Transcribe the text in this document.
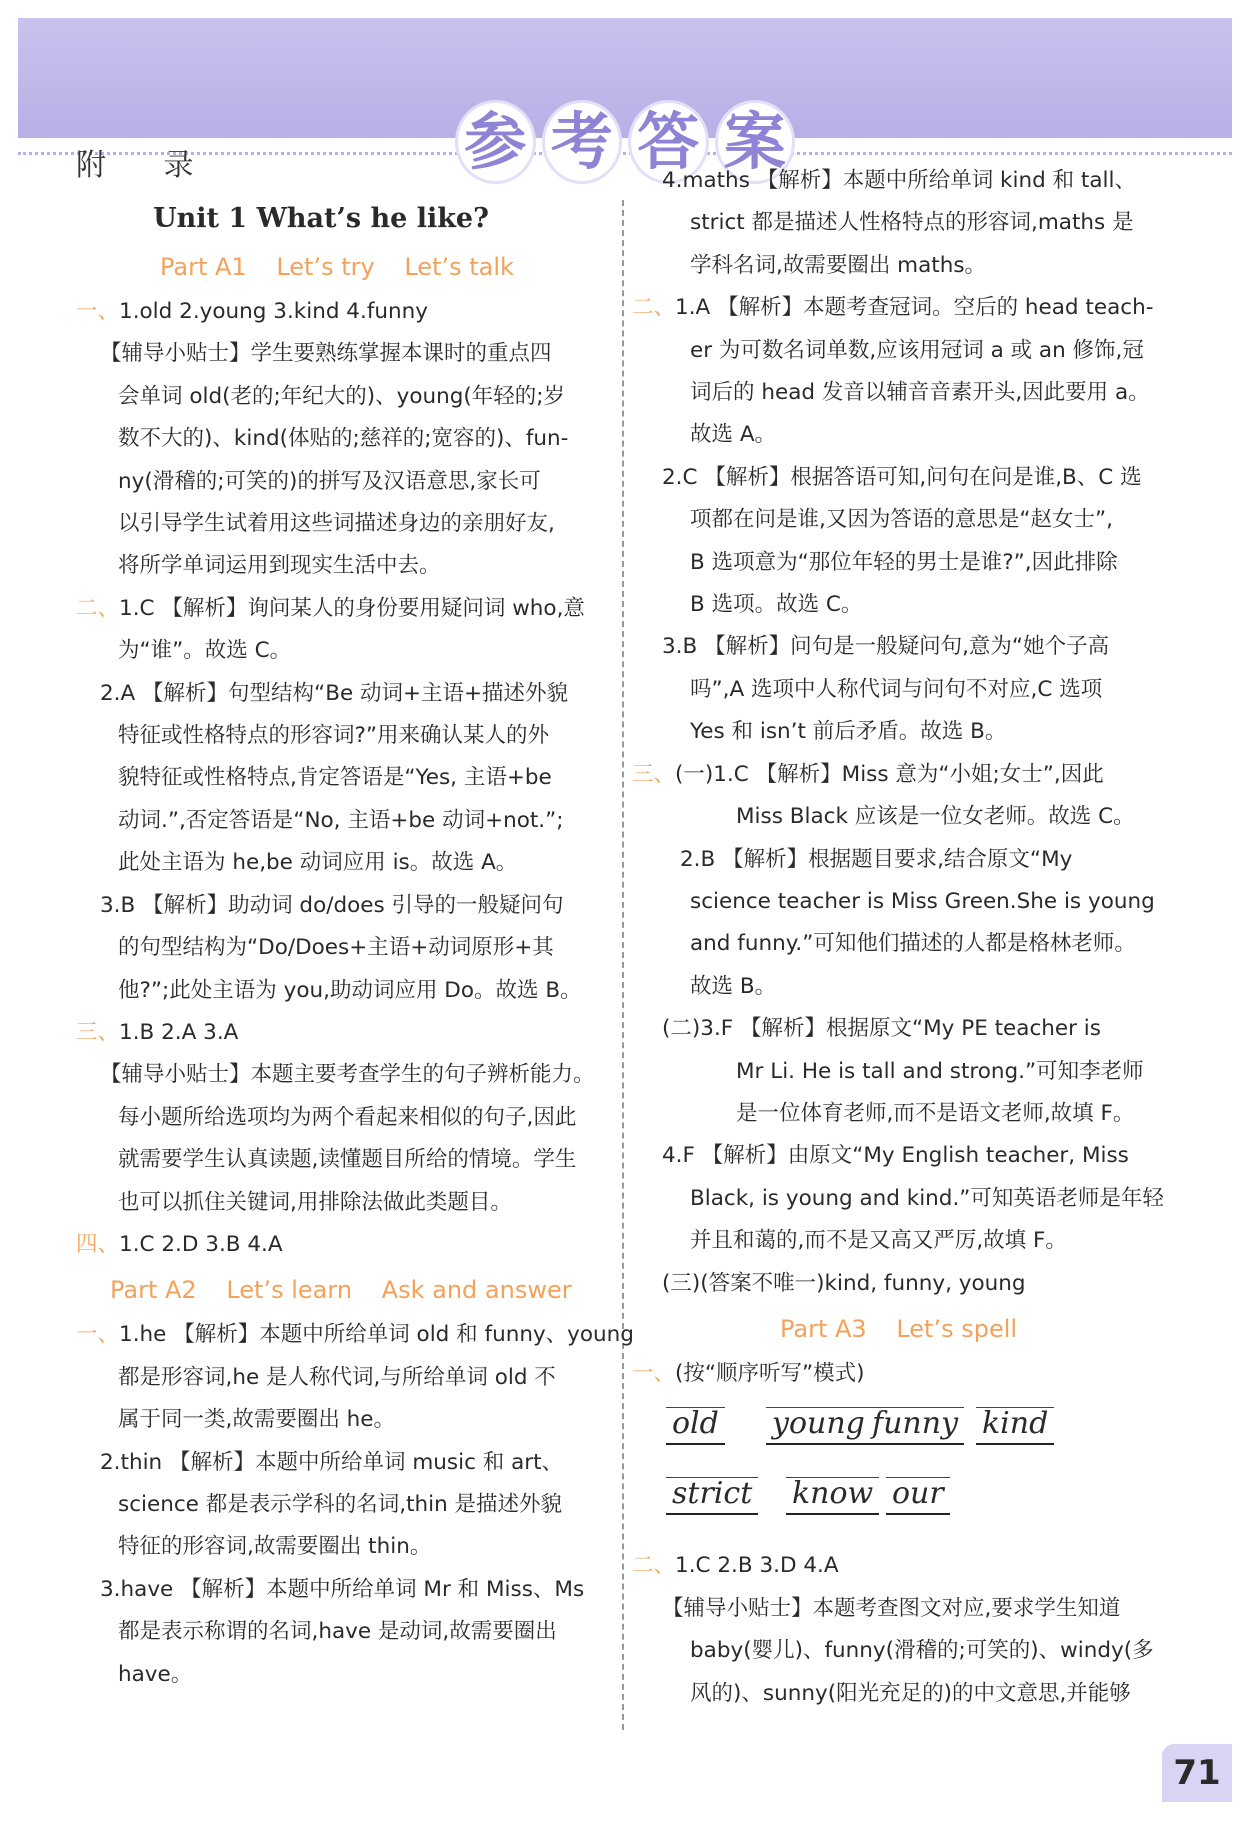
参 考 答 案
附 录
Unit 1 What’s he like?
Part A1 Let’s try Let’s talk
一、1.old 2.young 3.kind 4.funny
【辅导小贴士】学生要熟练掌握本课时的重点四
会单词 old(老的;年纪大的)、young(年轻的;岁
数不大的)、kind(体贴的;慈祥的;宽容的)、fun-
ny(滑稽的;可笑的)的拼写及汉语意思,家长可
以引导学生试着用这些词描述身边的亲朋好友,
将所学单词运用到现实生活中去。
二、1.C 【解析】询问某人的身份要用疑问词 who,意
为“谁”。故选 C。
2.A 【解析】句型结构“Be 动词+主语+描述外貌
特征或性格特点的形容词?”用来确认某人的外
貌特征或性格特点,肯定答语是“Yes, 主语+be
动词.”,否定答语是“No, 主语+be 动词+not.”;
此处主语为 he,be 动词应用 is。故选 A。
3.B 【解析】助动词 do/does 引导的一般疑问句
的句型结构为“Do/Does+主语+动词原形+其
他?”;此处主语为 you,助动词应用 Do。故选 B。
三、1.B 2.A 3.A
【辅导小贴士】本题主要考查学生的句子辨析能力。
每小题所给选项均为两个看起来相似的句子,因此
就需要学生认真读题,读懂题目所给的情境。学生
也可以抓住关键词,用排除法做此类题目。
四、1.C 2.D 3.B 4.A
Part A2 Let’s learn Ask and answer
一、1.he 【解析】本题中所给单词 old 和 funny、young
都是形容词,he 是人称代词,与所给单词 old 不
属于同一类,故需要圈出 he。
2.thin 【解析】本题中所给单词 music 和 art、
science 都是表示学科的名词,thin 是描述外貌
特征的形容词,故需要圈出 thin。
3.have 【解析】本题中所给单词 Mr 和 Miss、Ms
都是表示称谓的名词,have 是动词,故需要圈出
have。
4.maths 【解析】本题中所给单词 kind 和 tall、
strict 都是描述人性格特点的形容词,maths 是
学科名词,故需要圈出 maths。
二、1.A 【解析】本题考查冠词。空后的 head teach-
er 为可数名词单数,应该用冠词 a 或 an 修饰,冠
词后的 head 发音以辅音音素开头,因此要用 a。
故选 A。
2.C 【解析】根据答语可知,问句在问是谁,B、C 选
项都在问是谁,又因为答语的意思是“赵女士”,
B 选项意为“那位年轻的男士是谁?”,因此排除
B 选项。故选 C。
3.B 【解析】问句是一般疑问句,意为“她个子高
吗”,A 选项中人称代词与问句不对应,C 选项
Yes 和 isn’t 前后矛盾。故选 B。
三、(一)1.C 【解析】Miss 意为“小姐;女士”,因此
Miss Black 应该是一位女老师。故选 C。
2.B 【解析】根据题目要求,结合原文“My
science teacher is Miss Green.She is young
and funny.”可知他们描述的人都是格林老师。
故选 B。
(二)3.F 【解析】根据原文“My PE teacher is
Mr Li. He is tall and strong.”可知李老师
是一位体育老师,而不是语文老师,故填 F。
4.F 【解析】由原文“My English teacher, Miss
Black, is young and kind.”可知英语老师是年轻
并且和蔼的,而不是又高又严厉,故填 F。
(三)(答案不唯一)kind, funny, young
Part A3 Let’s spell
一、(按“顺序听写”模式)
old young funny kind
strict know our
二、1.C 2.B 3.D 4.A
【辅导小贴士】本题考查图文对应,要求学生知道
baby(婴儿)、funny(滑稽的;可笑的)、windy(多
风的)、sunny(阳光充足的)的中文意思,并能够
71
